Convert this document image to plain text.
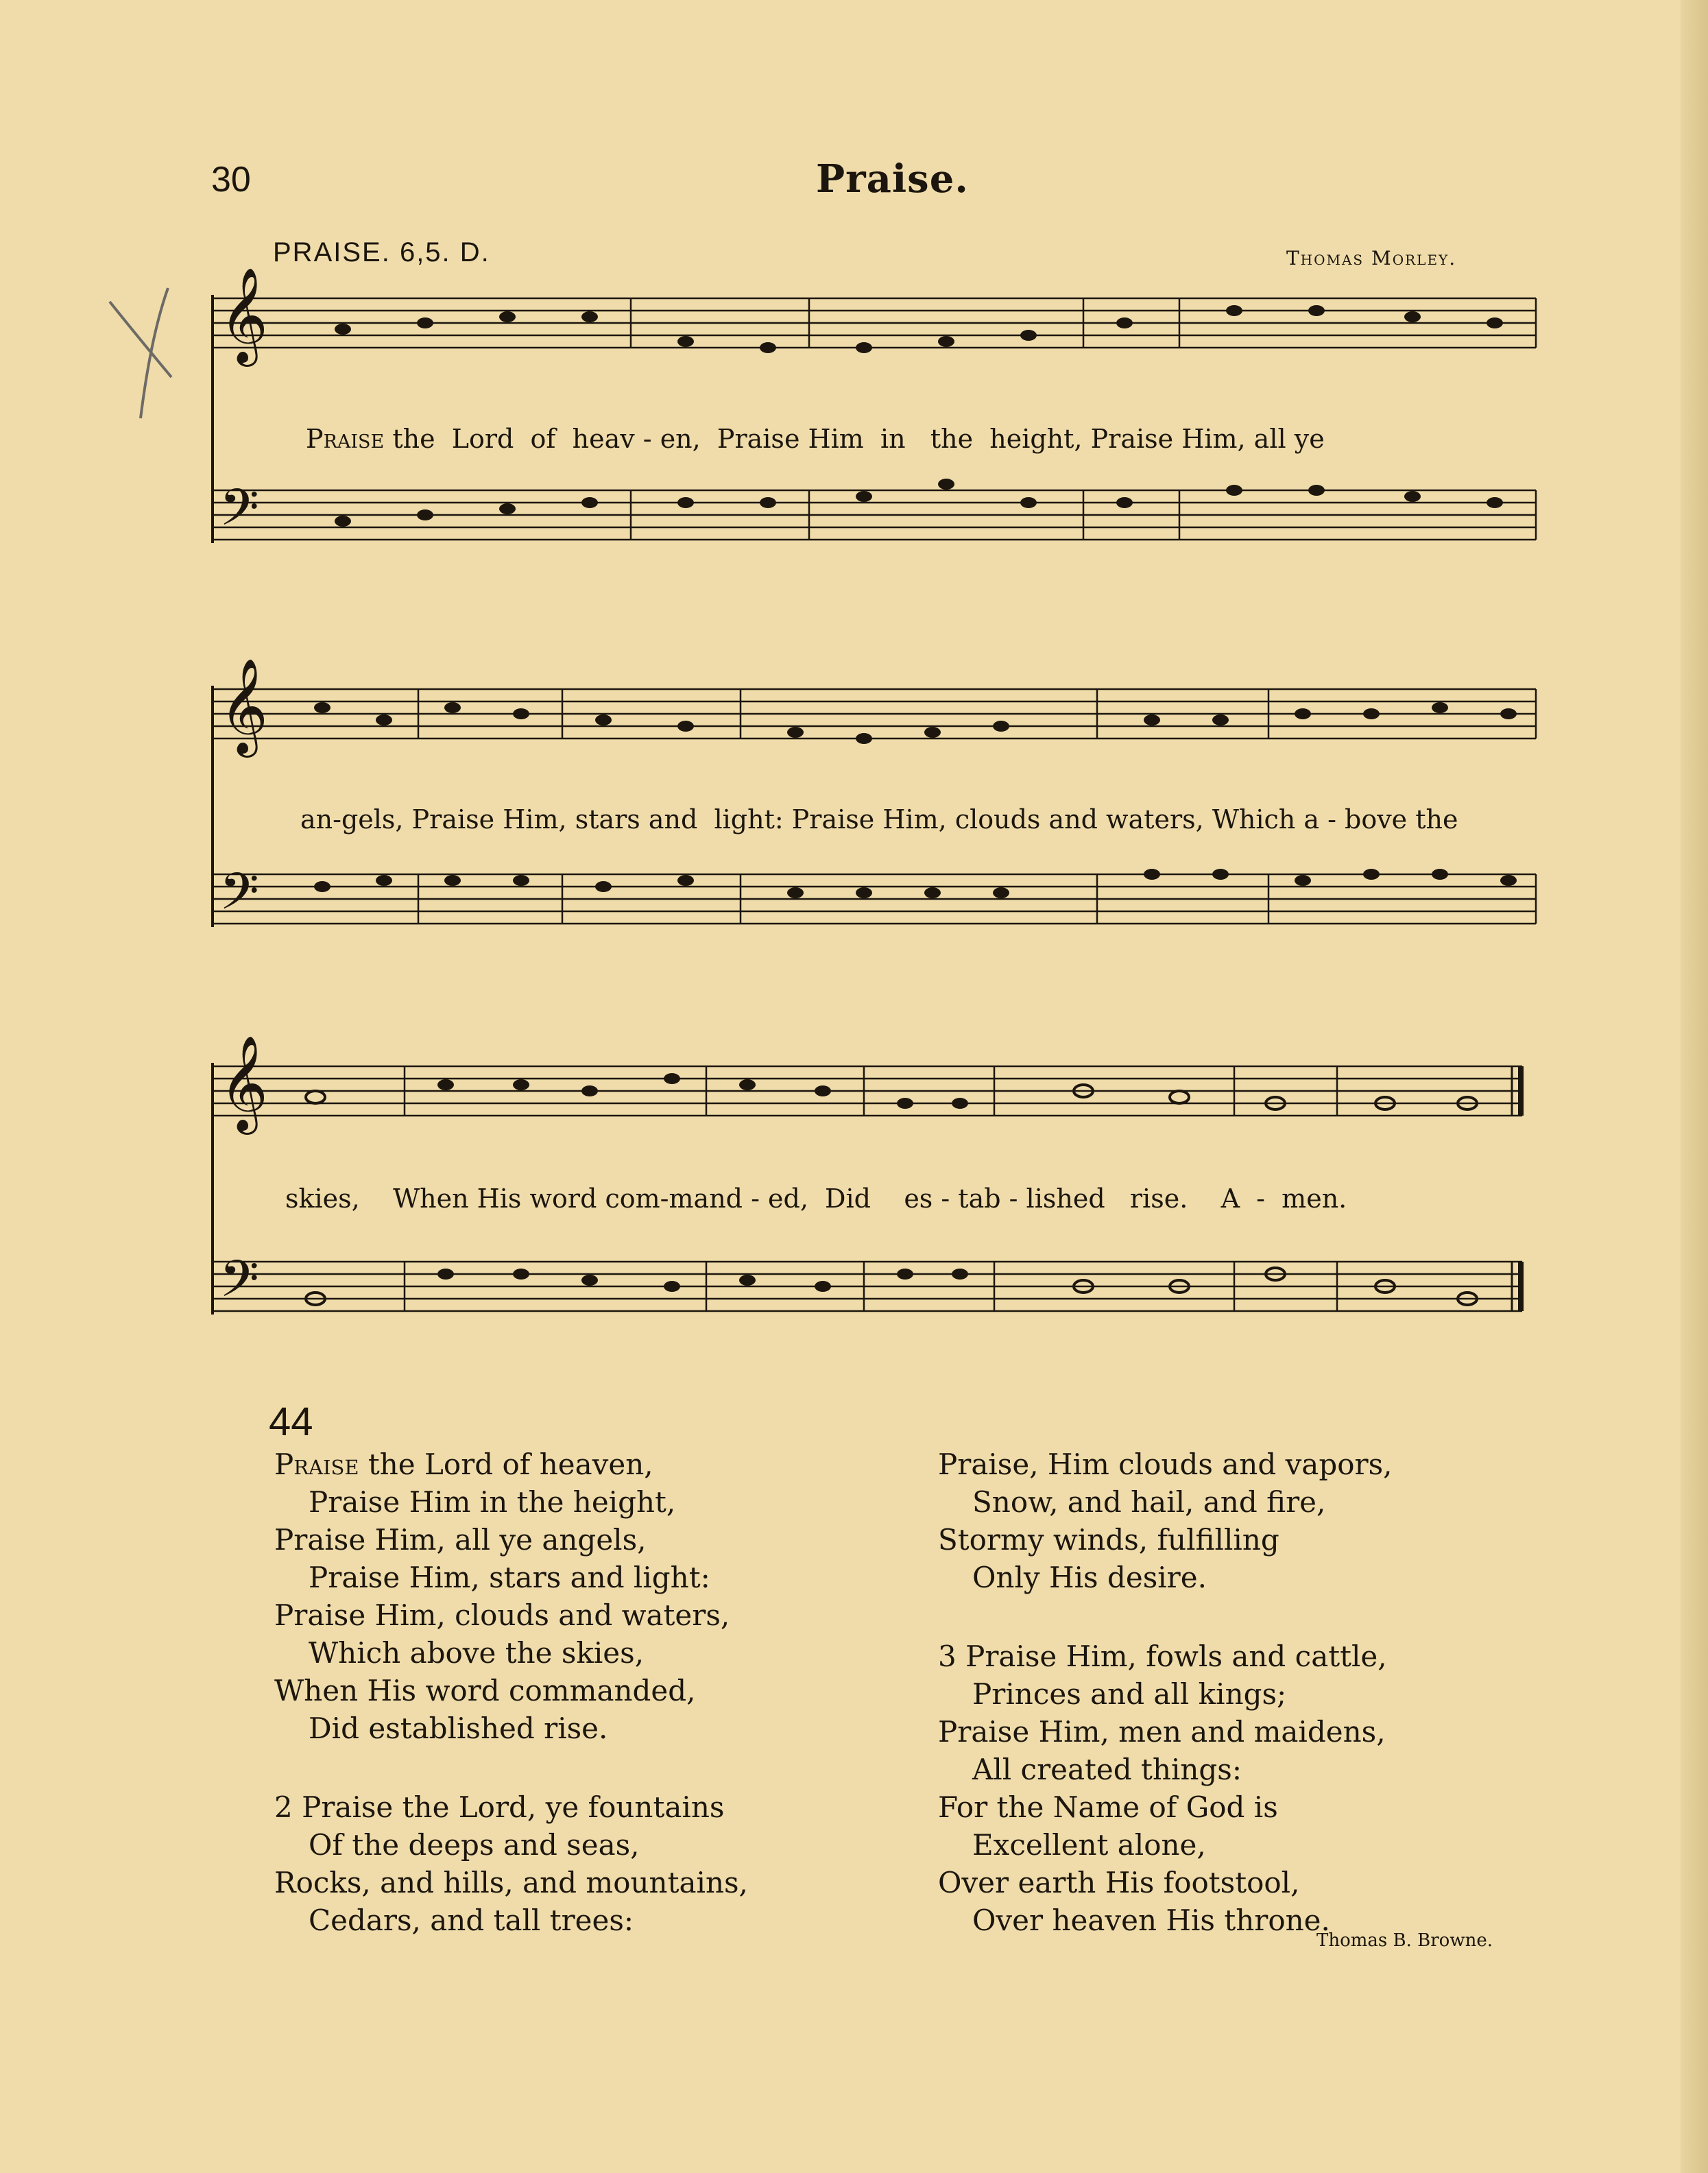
30	Praise.
PRAISE. 6,5. D.	Thomas Morley.
𝄞
𝄢
Praise the  Lord  of  heav - en,  Praise Him  in   the  height, Praise Him, all ye
𝄞
𝄢
an-gels, Praise Him, stars and  light: Praise Him, clouds and waters, Which a - bove the
𝄞
𝄢
skies,    When His word com-mand - ed,  Did    es - tab - lished   rise.    A  -  men.
44
Praise the Lord of heaven,
Praise Him in the height,
Praise Him, all ye angels,
Praise Him, stars and light:
Praise Him, clouds and waters,
Which above the skies,
When His word commanded,
Did established rise.
2 Praise the Lord, ye fountains
Of the deeps and seas,
Rocks, and hills, and mountains,
Cedars, and tall trees:
Praise, Him clouds and vapors,
Snow, and hail, and fire,
Stormy winds, fulfilling
Only His desire.
3 Praise Him, fowls and cattle,
Princes and all kings;
Praise Him, men and maidens,
All created things:
For the Name of God is
Excellent alone,
Over earth His footstool,
Over heaven His throne.
Thomas B. Browne.
